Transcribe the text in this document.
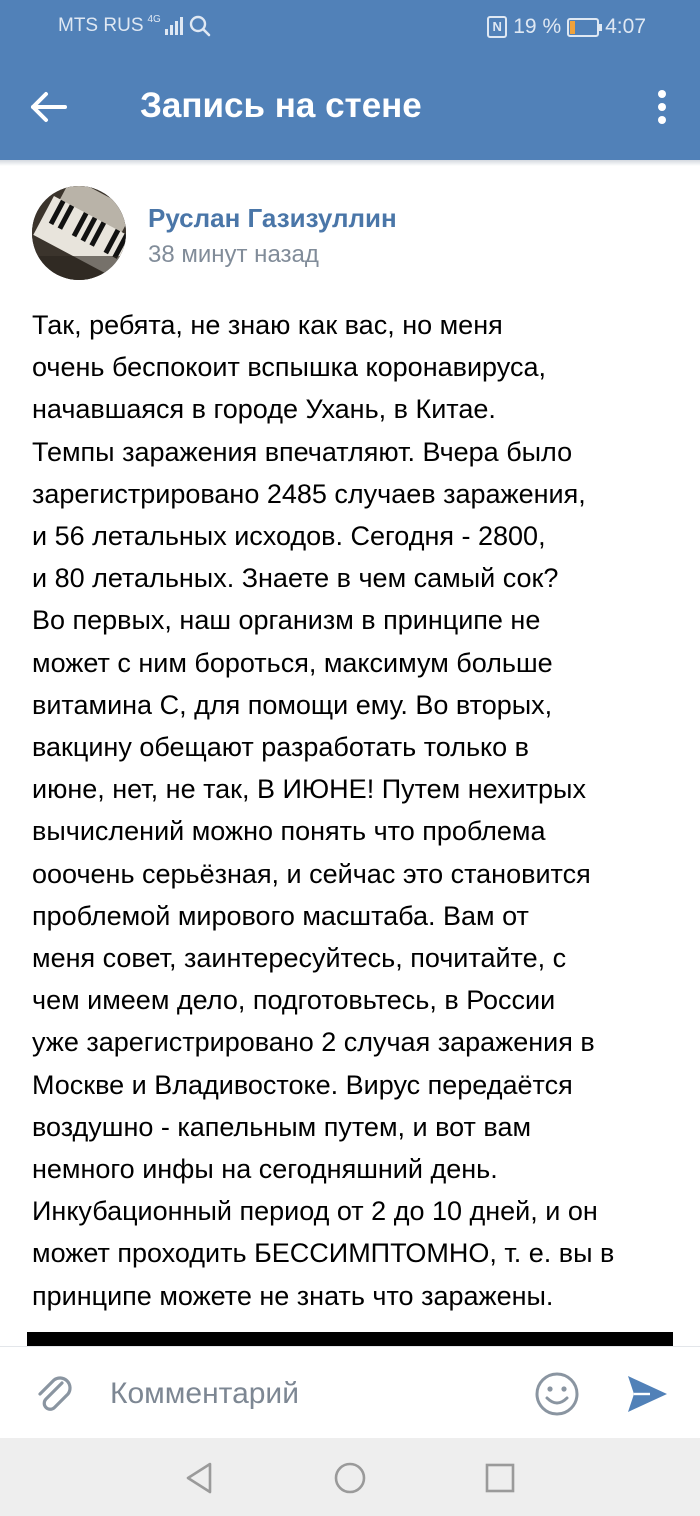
MTS RUS 4G	N 19 % 4:07
Запись на стене
Руслан Газизуллин
38 минут назад
Так, ребята, не знаю как вас, но меня
очень беспокоит вспышка коронавируса,
начавшаяся в городе Ухань, в Китае.
Темпы заражения впечатляют. Вчера было
зарегистрировано 2485 случаев заражения,
и 56 летальных исходов. Сегодня - 2800,
и 80 летальных. Знаете в чем самый сок?
Во первых, наш организм в принципе не
может с ним бороться, максимум больше
витамина С, для помощи ему. Во вторых,
вакцину обещают разработать только в
июне, нет, не так, В ИЮНЕ! Путем нехитрых
вычислений можно понять что проблема
ооочень серьёзная, и сейчас это становится
проблемой мирового масштаба. Вам от
меня совет, заинтересуйтесь, почитайте, с
чем имеем дело, подготовьтесь, в России
уже зарегистрировано 2 случая заражения в
Москве и Владивостоке. Вирус передаётся
воздушно - капельным путем, и вот вам
немного инфы на сегодняшний день.
Инкубационный период от 2 до 10 дней, и он
может проходить БЕССИМПТОМНО, т. е. вы в
принципе можете не знать что заражены.
Комментарий
